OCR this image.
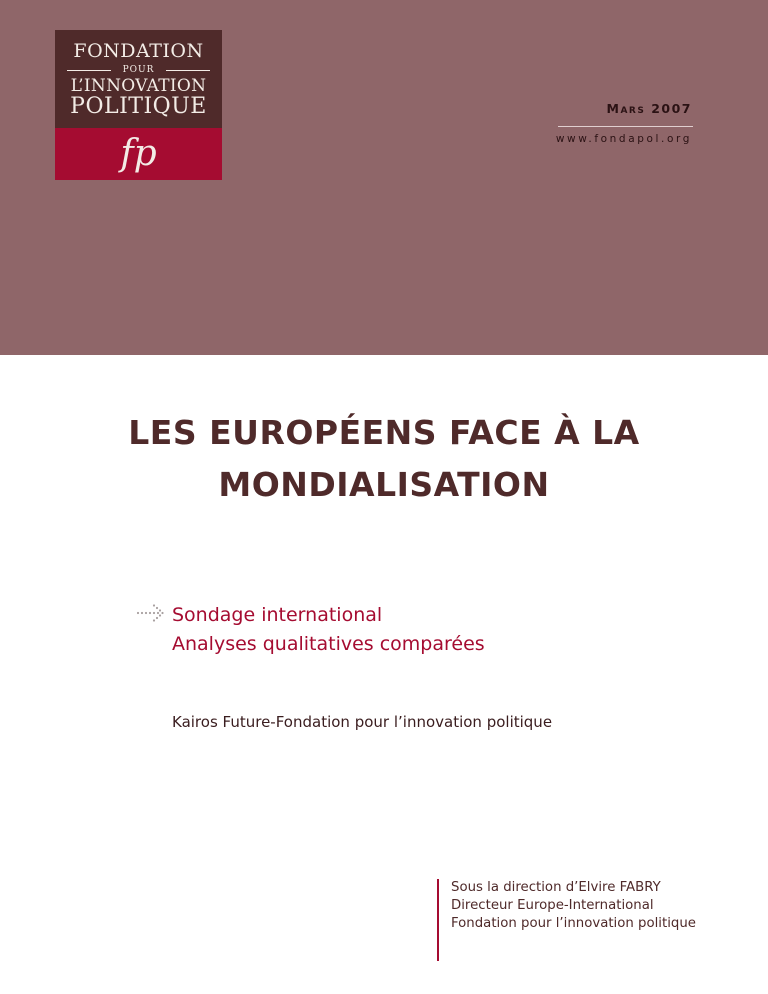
FONDATION
POUR
L’INNOVATION
POLITIQUE
fp
Mars 2007
www.fondapol.org
LES EUROPÉENS FACE À LA
MONDIALISATION
Sondage international
Analyses qualitatives comparées
Kairos Future-Fondation pour l’innovation politique
Sous la direction d’Elvire FABRY
Directeur Europe-International
Fondation pour l’innovation politique
